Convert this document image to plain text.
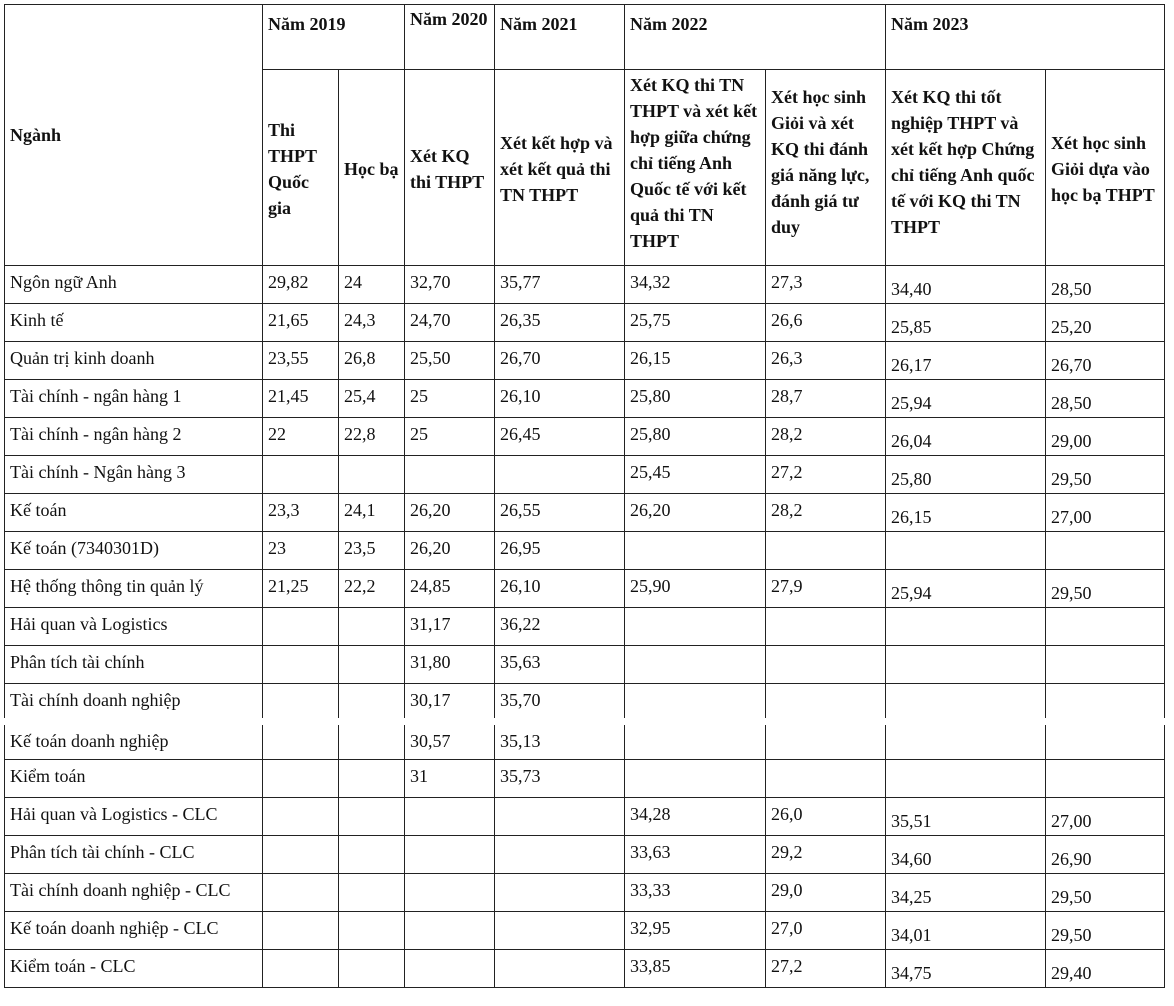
Ngành	Năm 2019		Năm 2020	Năm 2021	Năm 2022		Năm 2023	
	Thi THPT Quốc gia	Học bạ	Xét KQ thi THPT	Xét kết hợp và xét kết quả thi TN THPT	Xét KQ thi TN THPT và xét kết hợp giữa chứng chỉ tiếng Anh Quốc tế với kết quả thi TN THPT	Xét học sinh Giỏi và xét KQ thi đánh giá năng lực, đánh giá tư duy	Xét KQ thi tốt nghiệp THPT và xét kết hợp Chứng chỉ tiếng Anh quốc tế với KQ thi TN THPT	Xét học sinh Giỏi dựa vào học bạ THPT
Ngôn ngữ Anh	29,82	24	32,70	35,77	34,32	27,3	34,40	28,50
Kinh tế	21,65	24,3	24,70	26,35	25,75	26,6	25,85	25,20
Quản trị kinh doanh	23,55	26,8	25,50	26,70	26,15	26,3	26,17	26,70
Tài chính - ngân hàng 1	21,45	25,4	25	26,10	25,80	28,7	25,94	28,50
Tài chính - ngân hàng 2	22	22,8	25	26,45	25,80	28,2	26,04	29,00
Tài chính - Ngân hàng 3					25,45	27,2	25,80	29,50
Kế toán	23,3	24,1	26,20	26,55	26,20	28,2	26,15	27,00
Kế toán (7340301D)	23	23,5	26,20	26,95				
Hệ thống thông tin quản lý	21,25	22,2	24,85	26,10	25,90	27,9	25,94	29,50
Hải quan và Logistics			31,17	36,22				
Phân tích tài chính			31,80	35,63				
Tài chính doanh nghiệp			30,17	35,70				
Kế toán doanh nghiệp			30,57	35,13				
Kiểm toán			31	35,73				
Hải quan và Logistics - CLC					34,28	26,0	35,51	27,00
Phân tích tài chính - CLC					33,63	29,2	34,60	26,90
Tài chính doanh nghiệp - CLC					33,33	29,0	34,25	29,50
Kế toán doanh nghiệp - CLC					32,95	27,0	34,01	29,50
Kiểm toán - CLC					33,85	27,2	34,75	29,40
